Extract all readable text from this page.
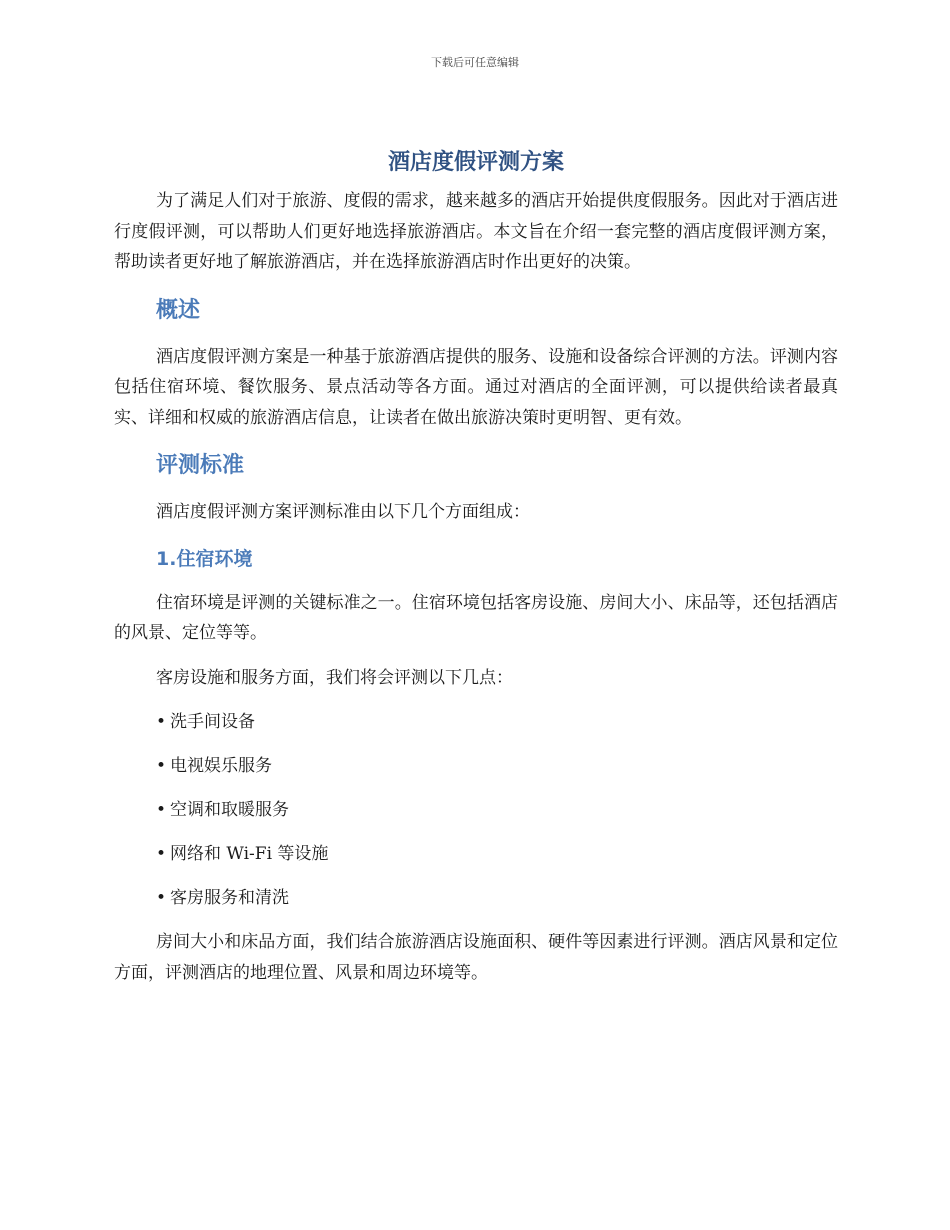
下载后可任意编辑
酒店度假评测方案

为了满足人们对于旅游、度假的需求，越来越多的酒店开始提供度假服务。因此对于酒店进行度假评测，可以帮助人们更好地选择旅游酒店。本文旨在介绍一套完整的酒店度假评测方案，帮助读者更好地了解旅游酒店，并在选择旅游酒店时作出更好的决策。

概述

酒店度假评测方案是一种基于旅游酒店提供的服务、设施和设备综合评测的方法。评测内容包括住宿环境、餐饮服务、景点活动等各方面。通过对酒店的全面评测，可以提供给读者最真实、详细和权威的旅游酒店信息，让读者在做出旅游决策时更明智、更有效。

评测标准

酒店度假评测方案评测标准由以下几个方面组成：

1.住宿环境

住宿环境是评测的关键标准之一。住宿环境包括客房设施、房间大小、床品等，还包括酒店的风景、定位等等。

客房设施和服务方面，我们将会评测以下几点：

• 洗手间设备
• 电视娱乐服务
• 空调和取暖服务
• 网络和 Wi-Fi 等设施
• 客房服务和清洗

房间大小和床品方面，我们结合旅游酒店设施面积、硬件等因素进行评测。酒店风景和定位方面，评测酒店的地理位置、风景和周边环境等。
